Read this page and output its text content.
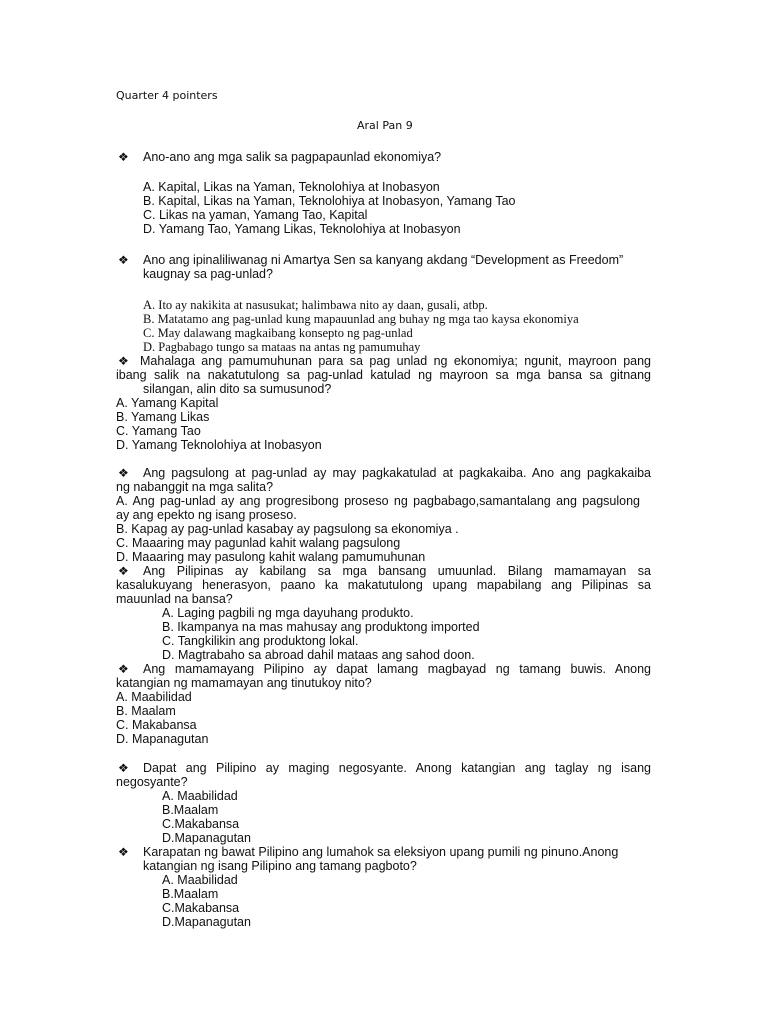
Quarter 4 pointers
Aral Pan 9
❖ Ano-ano ang mga salik sa pagpapaunlad ekonomiya?
A. Kapital, Likas na Yaman, Teknolohiya at Inobasyon
B. Kapital, Likas na Yaman, Teknolohiya at Inobasyon, Yamang Tao
C. Likas na yaman, Yamang Tao, Kapital
D. Yamang Tao, Yamang Likas, Teknolohiya at Inobasyon
❖ Ano ang ipinaliliwanag ni Amartya Sen sa kanyang akdang “Development as Freedom”
kaugnay sa pag-unlad?
A. Ito ay nakikita at nasusukat; halimbawa nito ay daan, gusali, atbp.
B. Matatamo ang pag-unlad kung mapauunlad ang buhay ng mga tao kaysa ekonomiya
C. May dalawang magkaibang konsepto ng pag-unlad
D. Pagbabago tungo sa mataas na antas ng pamumuhay
❖ Mahalaga ang pamumuhunan para sa pag unlad ng ekonomiya; ngunit, mayroon pang
ibang salik na nakatutulong sa pag-unlad katulad ng mayroon sa mga bansa sa gitnang
silangan, alin dito sa sumusunod?
A. Yamang Kapital
B. Yamang Likas
C. Yamang Tao
D. Yamang Teknolohiya at Inobasyon
❖ Ang pagsulong at pag-unlad ay may pagkakatulad at pagkakaiba. Ano ang pagkakaiba
ng nabanggit na mga salita?
A. Ang pag-unlad ay ang progresibong proseso ng pagbabago,samantalang ang pagsulong
ay ang epekto ng isang proseso.
B. Kapag ay pag-unlad kasabay ay pagsulong sa ekonomiya .
C. Maaaring may pagunlad kahit walang pagsulong
D. Maaaring may pasulong kahit walang pamumuhunan
❖ Ang Pilipinas ay kabilang sa mga bansang umuunlad. Bilang mamamayan sa
kasalukuyang henerasyon, paano ka makatutulong upang mapabilang ang Pilipinas sa
mauunlad na bansa?
A. Laging pagbili ng mga dayuhang produkto.
B. Ikampanya na mas mahusay ang produktong imported
C. Tangkilikin ang produktong lokal.
D. Magtrabaho sa abroad dahil mataas ang sahod doon.
❖ Ang mamamayang Pilipino ay dapat lamang magbayad ng tamang buwis. Anong
katangian ng mamamayan ang tinutukoy nito?
A. Maabilidad
B. Maalam
C. Makabansa
D. Mapanagutan
❖ Dapat ang Pilipino ay maging negosyante. Anong katangian ang taglay ng isang
negosyante?
A. Maabilidad
B.Maalam
C.Makabansa
D.Mapanagutan
❖ Karapatan ng bawat Pilipino ang lumahok sa eleksiyon upang pumili ng pinuno.Anong
katangian ng isang Pilipino ang tamang pagboto?
A. Maabilidad
B.Maalam
C.Makabansa
D.Mapanagutan
